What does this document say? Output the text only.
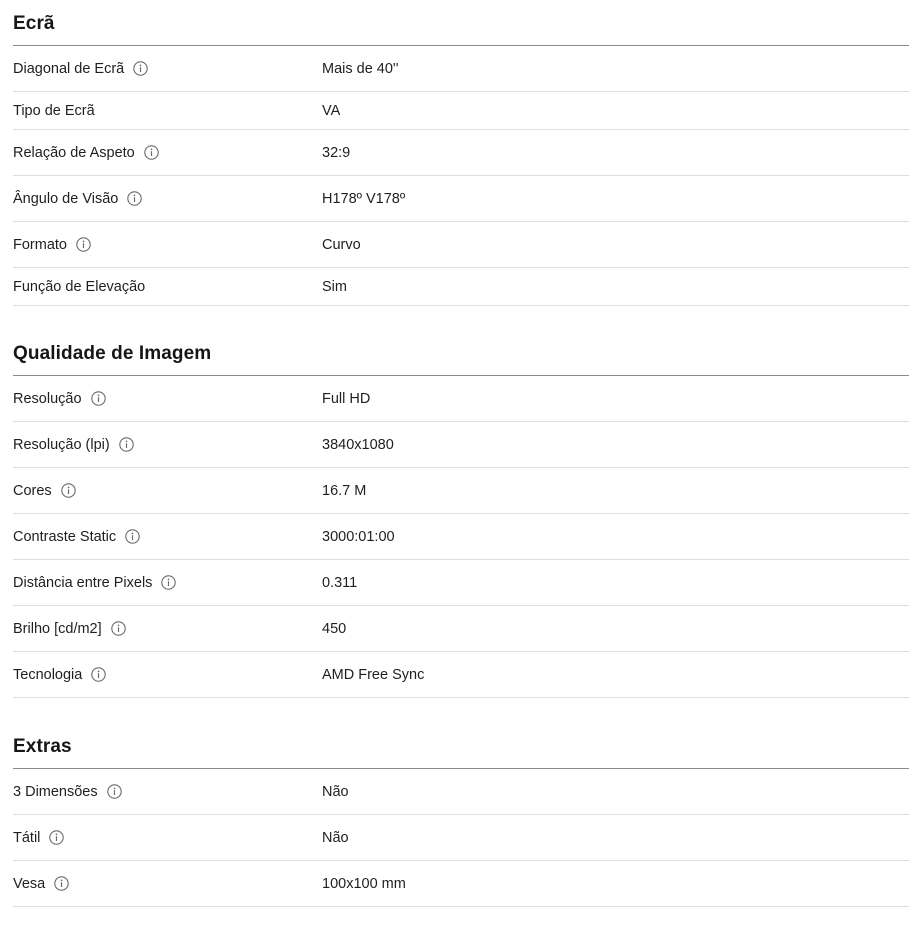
Ecrã
Diagonal de Ecrã	Mais de 40''
Tipo de Ecrã	VA
Relação de Aspeto	32:9
Ângulo de Visão	H178º V178º
Formato	Curvo
Função de Elevação	Sim
Qualidade de Imagem
Resolução	Full HD
Resolução (lpi)	3840x1080
Cores	16.7 M
Contraste Static	3000:01:00
Distância entre Pixels	0.311
Brilho [cd/m2]	450
Tecnologia	AMD Free Sync
Extras
3 Dimensões	Não
Tátil	Não
Vesa	100x100 mm
